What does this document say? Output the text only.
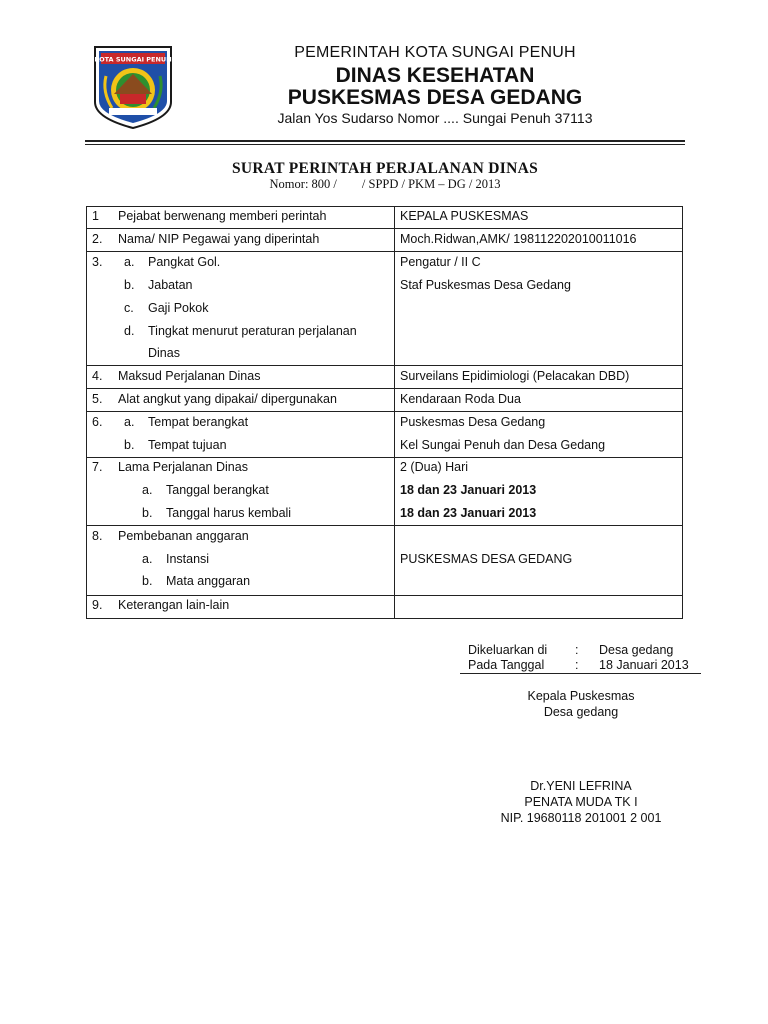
KOTA SUNGAI PENUH	PEMERINTAH KOTA SUNGAI PENUH
DINAS KESEHATAN
PUSKESMAS DESA GEDANG
Jalan Yos Sudarso Nomor .... Sungai Penuh 37113
SURAT PERINTAH PERJALANAN DINAS
Nomor: 800 /        / SPPD / PKM – DG / 2013
1 Pejabat berwenang memberi perintah	KEPALA PUSKESMAS
2. Nama/ NIP Pegawai yang diperintah	Moch.Ridwan,AMK/ 198112202010011016
3. a. Pangkat Gol.	Pengatur / II C
b. Jabatan	Staf Puskesmas Desa Gedang
c. Gaji Pokok
d. Tingkat menurut peraturan perjalanan
Dinas
4. Maksud Perjalanan Dinas	Surveilans Epidimiologi (Pelacakan DBD)
5. Alat angkut yang dipakai/ dipergunakan	Kendaraan Roda Dua
6. a. Tempat berangkat	Puskesmas Desa Gedang
b. Tempat tujuan	Kel Sungai Penuh dan Desa Gedang
7. Lama Perjalanan Dinas	2 (Dua) Hari
a. Tanggal berangkat	18 dan 23 Januari 2013
b. Tanggal harus kembali	18 dan 23 Januari 2013
8. Pembebanan anggaran
a. Instansi	PUSKESMAS DESA GEDANG
b. Mata anggaran
9. Keterangan lain-lain
Dikeluarkan di : Desa gedang
Pada Tanggal : 18 Januari 2013
Kepala Puskesmas
Desa gedang
Dr.YENI LEFRINA
PENATA MUDA TK I
NIP. 19680118 201001 2 001
